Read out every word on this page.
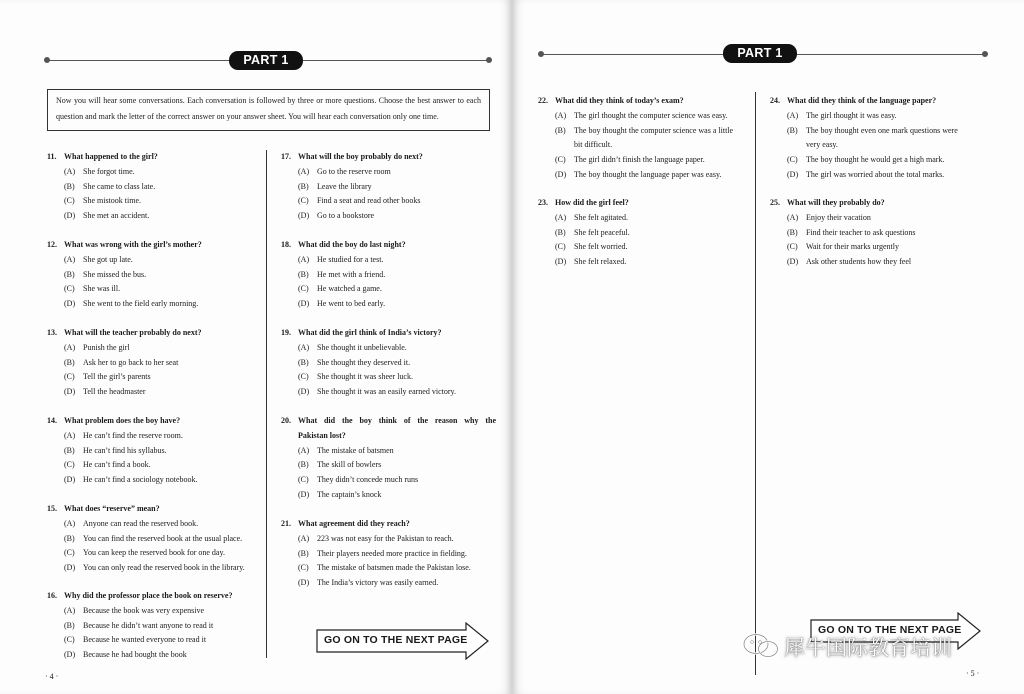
PART 1
Now you will hear some conversations. Each conversation is followed by three or more questions. Choose the best answer to each question and mark the letter of the correct answer on your answer sheet. You will hear each conversation only one time.
11. What happened to the girl?
(A) She forgot time.
(B) She came to class late.
(C) She mistook time.
(D) She met an accident.
12. What was wrong with the girl’s mother?
(A) She got up late.
(B) She missed the bus.
(C) She was ill.
(D) She went to the field early morning.
13. What will the teacher probably do next?
(A) Punish the girl
(B) Ask her to go back to her seat
(C) Tell the girl’s parents
(D) Tell the headmaster
14. What problem does the boy have?
(A) He can’t find the reserve room.
(B) He can’t find his syllabus.
(C) He can’t find a book.
(D) He can’t find a sociology notebook.
15. What does “reserve” mean?
(A) Anyone can read the reserved book.
(B) You can find the reserved book at the usual place.
(C) You can keep the reserved book for one day.
(D) You can only read the reserved book in the library.
16. Why did the professor place the book on reserve?
(A) Because the book was very expensive
(B) Because he didn’t want anyone to read it
(C) Because he wanted everyone to read it
(D) Because he had bought the book
17. What will the boy probably do next?
(A) Go to the reserve room
(B) Leave the library
(C) Find a seat and read other books
(D) Go to a bookstore
18. What did the boy do last night?
(A) He studied for a test.
(B) He met with a friend.
(C) He watched a game.
(D) He went to bed early.
19. What did the girl think of India’s victory?
(A) She thought it unbelievable.
(B) She thought they deserved it.
(C) She thought it was sheer luck.
(D) She thought it was an easily earned victory.
20. What did the boy think of the reason why the
Pakistan lost?
(A) The mistake of batsmen
(B) The skill of bowlers
(C) They didn’t concede much runs
(D) The captain’s knock
21. What agreement did they reach?
(A) 223 was not easy for the Pakistan to reach.
(B) Their players needed more practice in fielding.
(C) The mistake of batsmen made the Pakistan lose.
(D) The India’s victory was easily earned.
GO ON TO THE NEXT PAGE
· 4 ·
PART 1
22. What did they think of today’s exam?
(A) The girl thought the computer science was easy.
(B) The boy thought the computer science was a little
bit difficult.
(C) The girl didn’t finish the language paper.
(D) The boy thought the language paper was easy.
23. How did the girl feel?
(A) She felt agitated.
(B) She felt peaceful.
(C) She felt worried.
(D) She felt relaxed.
24. What did they think of the language paper?
(A) The girl thought it was easy.
(B) The boy thought even one mark questions were
very easy.
(C) The boy thought he would get a high mark.
(D) The girl was worried about the total marks.
25. What will they probably do?
(A) Enjoy their vacation
(B) Find their teacher to ask questions
(C) Wait for their marks urgently
(D) Ask other students how they feel
GO ON TO THE NEXT PAGE
犀牛国际教育培训
· 5 ·
